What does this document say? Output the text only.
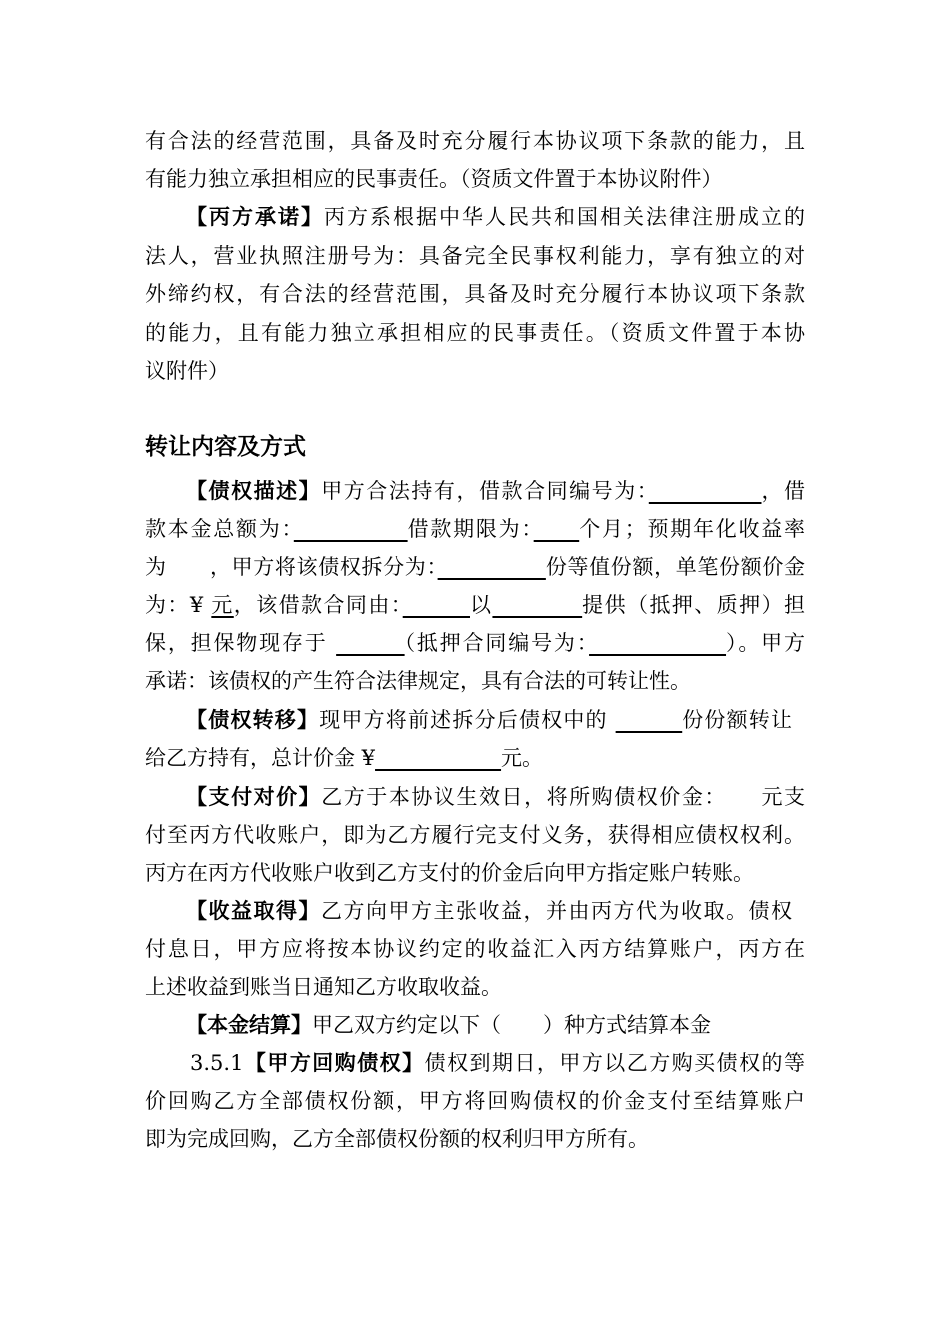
有合法的经营范围，具备及时充分履行本协议项下条款的能力，且
有能力独立承担相应的民事责任。（资质文件置于本协议附件）
【丙方承诺】丙方系根据中华人民共和国相关法律注册成立的
法人，营业执照注册号为：具备完全民事权利能力，享有独立的对
外缔约权，有合法的经营范围，具备及时充分履行本协议项下条款
的能力，且有能力独立承担相应的民事责任。（资质文件置于本协
议附件）
转让内容及方式
【债权描述】甲方合法持有，借款合同编号为：　　　　　	，借
款本金总额为：　　　　　	借款期限为：　　 个月；预期年化收益率
为　　，甲方将该债权拆分为：　　　　　	份等值份额，单笔份额价金
为：¥ 元，该借款合同由：　　　	以　　　　	提供（抵押、质押）担
保，担保物现存于 　　　	（抵押合同编号为：　　　　　　	）。甲方
承诺：该债权的产生符合法律规定，具有合法的可转让性。
【债权转移】现甲方将前述拆分后债权中的 　　　	份份额转让
给乙方持有，总计价金 ¥　　　　　　	元。
【支付对价】乙方于本协议生效日，将所购债权价金：　　元支
付至丙方代收账户，即为乙方履行完支付义务，获得相应债权权利。
丙方在丙方代收账户收到乙方支付的价金后向甲方指定账户转账。
【收益取得】乙方向甲方主张收益，并由丙方代为收取。债权
付息日，甲方应将按本协议约定的收益汇入丙方结算账户，丙方在
上述收益到账当日通知乙方收取收益。
【本金结算】甲乙双方约定以下（　　）种方式结算本金
3.5.1【甲方回购债权】债权到期日，甲方以乙方购买债权的等
价回购乙方全部债权份额，甲方将回购债权的价金支付至结算账户
即为完成回购，乙方全部债权份额的权利归甲方所有。
